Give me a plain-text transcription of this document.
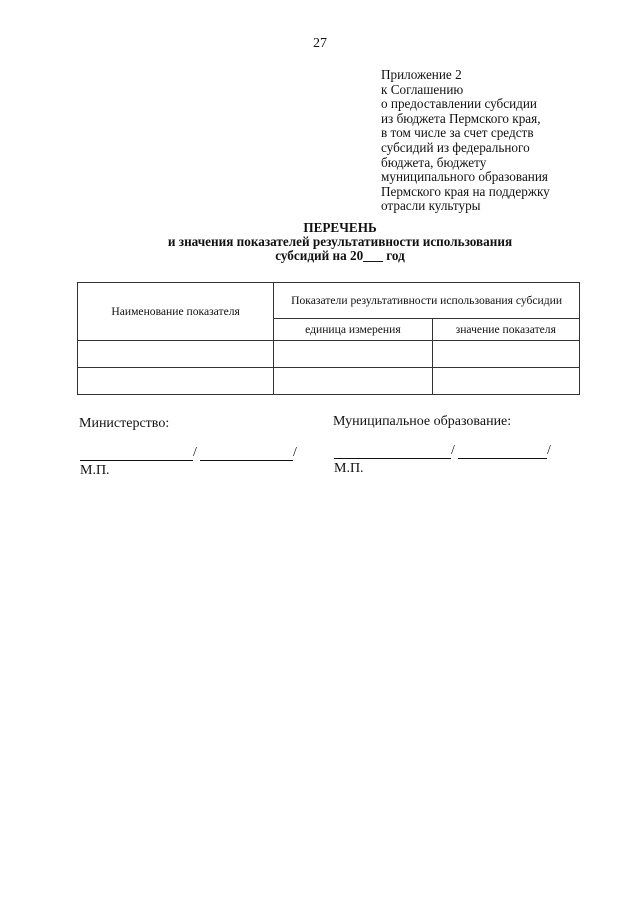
27
Приложение 2
к Соглашению
о предоставлении субсидии
из бюджета Пермского края,
в том числе за счет средств
субсидий из федерального
бюджета, бюджету
муниципального образования
Пермского края на поддержку
отрасли культуры
ПЕРЕЧЕНЬ
и значения показателей результативности использования
субсидий на 20___ год
Наименование показателя	Показатели результативности использования субсидии	
	единица измерения	значение показателя

Министерство:
/	/
М.П.
Муниципальное образование:
/	/
М.П.
